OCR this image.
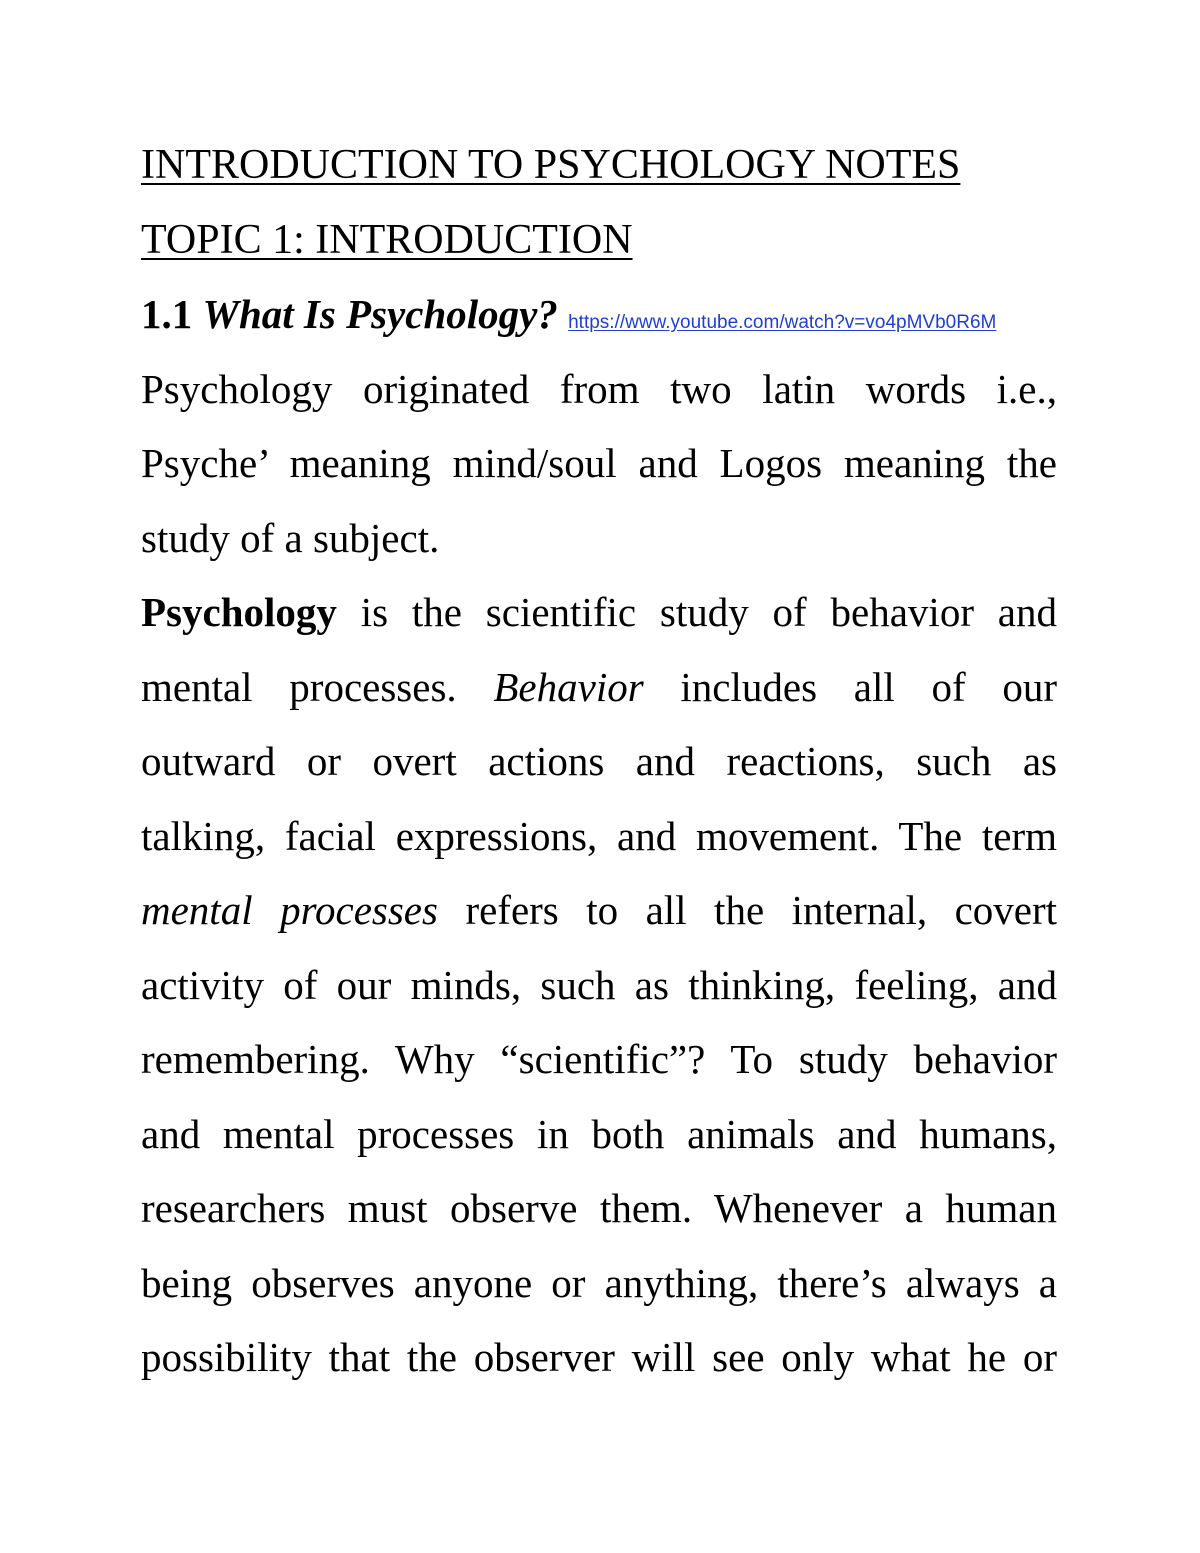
INTRODUCTION TO PSYCHOLOGY NOTES
TOPIC 1: INTRODUCTION
1.1 What Is Psychology? https://www.youtube.com/watch?v=vo4pMVb0R6M
Psychology originated from two latin words i.e.,
Psyche’ meaning mind/soul and Logos meaning the
study of a subject.
Psychology is the scientific study of behavior and
mental processes. Behavior includes all of our
outward or overt actions and reactions, such as
talking, facial expressions, and movement. The term
mental processes refers to all the internal, covert
activity of our minds, such as thinking, feeling, and
remembering. Why “scientific”? To study behavior
and mental processes in both animals and humans,
researchers must observe them. Whenever a human
being observes anyone or anything, there’s always a
possibility that the observer will see only what he or
